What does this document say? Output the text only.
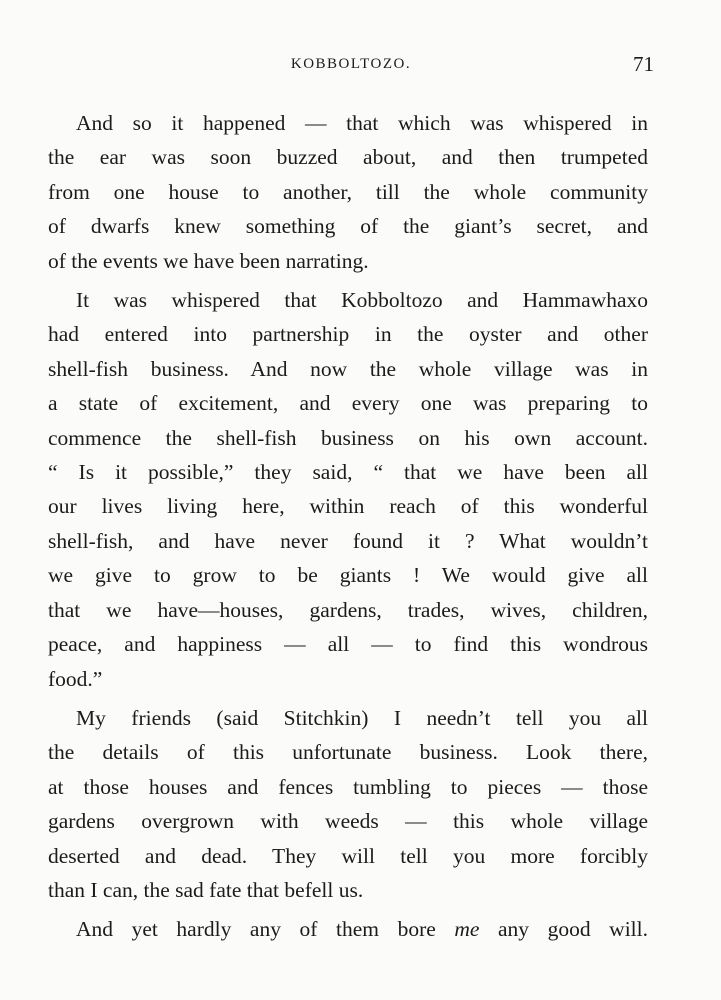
KOBBOLTOZO.	71

And so it happened — that which was whispered in
the ear was soon buzzed about, and then trumpeted
from one house to another, till the whole community
of dwarfs knew something of the giant’s secret, and
of the events we have been narrating.

It was whispered that Kobboltozo and Hammawhaxo
had entered into partnership in the oyster and other
shell-fish business. And now the whole village was in
a state of excitement, and every one was preparing to
commence the shell-fish business on his own account.
“ Is it possible,” they said, “ that we have been all
our lives living here, within reach of this wonderful
shell-fish, and have never found it ? What wouldn’t
we give to grow to be giants ! We would give all
that we have—houses, gardens, trades, wives, children,
peace, and happiness — all — to find this wondrous
food.”

My friends (said Stitchkin) I needn’t tell you all
the details of this unfortunate business. Look there,
at those houses and fences tumbling to pieces — those
gardens overgrown with weeds — this whole village
deserted and dead. They will tell you more forcibly
than I can, the sad fate that befell us.

And yet hardly any of them bore me any good will.
